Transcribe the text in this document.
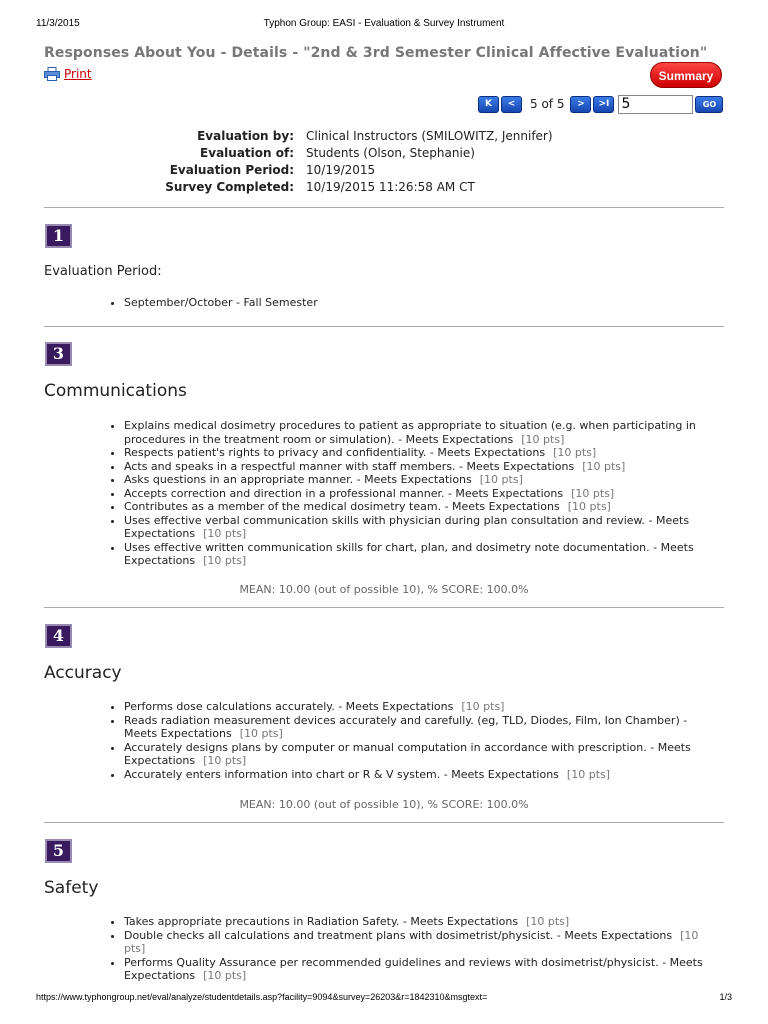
11/3/2015	Typhon Group: EASI - Evaluation & Survey Instrument
Responses About You - Details - "2nd & 3rd Semester Clinical Affective Evaluation"
Print	Summary
K < 5 of 5 > >I
5	GO
Evaluation by:	Clinical Instructors (SMILOWITZ, Jennifer)
Evaluation of:	Students (Olson, Stephanie)
Evaluation Period:	10/19/2015
Survey Completed:	10/19/2015 11:26:58 AM CT
1
Evaluation Period:
• September/October - Fall Semester
3
Communications
• Explains medical dosimetry procedures to patient as appropriate to situation (e.g. when participating in procedures in the treatment room or simulation). - Meets Expectations [10 pts]
• Respects patient's rights to privacy and confidentiality. - Meets Expectations [10 pts]
• Acts and speaks in a respectful manner with staff members. - Meets Expectations [10 pts]
• Asks questions in an appropriate manner. - Meets Expectations [10 pts]
• Accepts correction and direction in a professional manner. - Meets Expectations [10 pts]
• Contributes as a member of the medical dosimetry team. - Meets Expectations [10 pts]
• Uses effective verbal communication skills with physician during plan consultation and review. - Meets Expectations [10 pts]
• Uses effective written communication skills for chart, plan, and dosimetry note documentation. - Meets Expectations [10 pts]
MEAN: 10.00 (out of possible 10), % SCORE: 100.0%
4
Accuracy
• Performs dose calculations accurately. - Meets Expectations [10 pts]
• Reads radiation measurement devices accurately and carefully. (eg, TLD, Diodes, Film, Ion Chamber) - Meets Expectations [10 pts]
• Accurately designs plans by computer or manual computation in accordance with prescription. - Meets Expectations [10 pts]
• Accurately enters information into chart or R & V system. - Meets Expectations [10 pts]
MEAN: 10.00 (out of possible 10), % SCORE: 100.0%
5
Safety
• Takes appropriate precautions in Radiation Safety. - Meets Expectations [10 pts]
• Double checks all calculations and treatment plans with dosimetrist/physicist. - Meets Expectations [10 pts]
• Performs Quality Assurance per recommended guidelines and reviews with dosimetrist/physicist. - Meets Expectations [10 pts]
https://www.typhongroup.net/eval/analyze/studentdetails.asp?facility=9094&survey=26203&r=1842310&msgtext=	1/3
